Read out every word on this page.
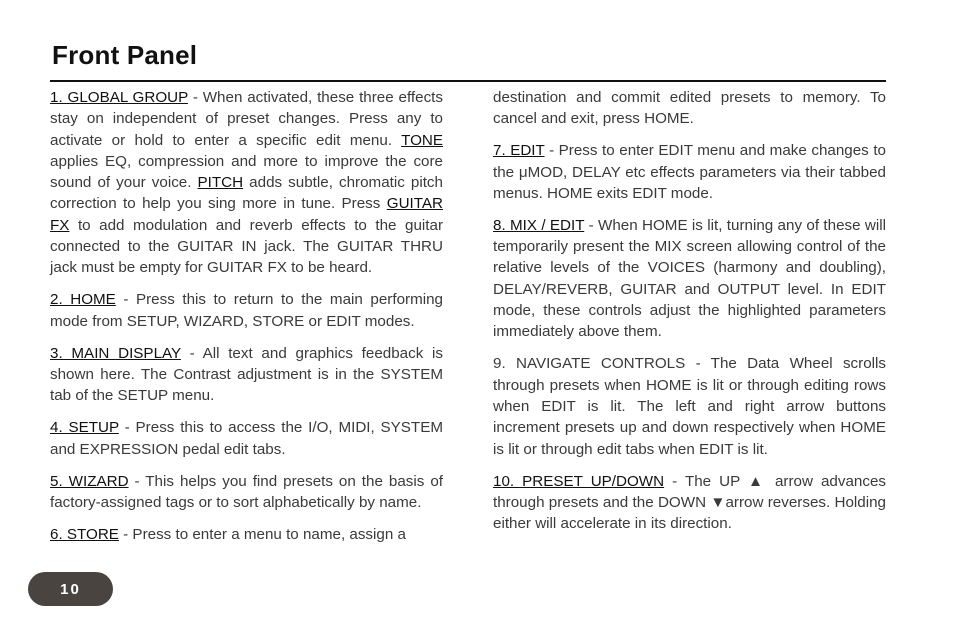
Front Panel

1. GLOBAL GROUP - When activated, these three effects stay on independent of preset changes. Press any to activate or hold to enter a specific edit menu. TONE applies EQ, compression and more to improve the core sound of your voice. PITCH adds subtle, chromatic pitch correction to help you sing more in tune. Press GUITAR FX to add modulation and reverb effects to the guitar connected to the GUITAR IN jack. The GUITAR THRU jack must be empty for GUITAR FX to be heard.

2. HOME - Press this to return to the main performing mode from SETUP, WIZARD, STORE or EDIT modes.

3. MAIN DISPLAY - All text and graphics feedback is shown here. The Contrast adjustment is in the SYSTEM tab of the SETUP menu.

4. SETUP - Press this to access the I/O, MIDI, SYSTEM and EXPRESSION pedal edit tabs.

5. WIZARD - This helps you find presets on the basis of factory-assigned tags or to sort alphabetically by name.

6. STORE - Press to enter a menu to name, assign a

destination and commit edited presets to memory. To cancel and exit, press HOME.

7. EDIT - Press to enter EDIT menu and make changes to the μMOD, DELAY etc effects parameters via their tabbed menus. HOME exits EDIT mode.

8. MIX / EDIT - When HOME is lit, turning any of these will temporarily present the MIX screen allowing control of the relative levels of the VOICES (harmony and doubling), DELAY/REVERB, GUITAR and OUTPUT level. In EDIT mode, these controls adjust the highlighted parameters immediately above them.

9. NAVIGATE CONTROLS - The Data Wheel scrolls through presets when HOME is lit or through editing rows when EDIT is lit. The left and right arrow buttons increment presets up and down respectively when HOME is lit or through edit tabs when EDIT is lit.

10. PRESET UP/DOWN - The UP ▲ arrow advances through presets and the DOWN ▼arrow reverses. Holding either will accelerate in its direction.

10
